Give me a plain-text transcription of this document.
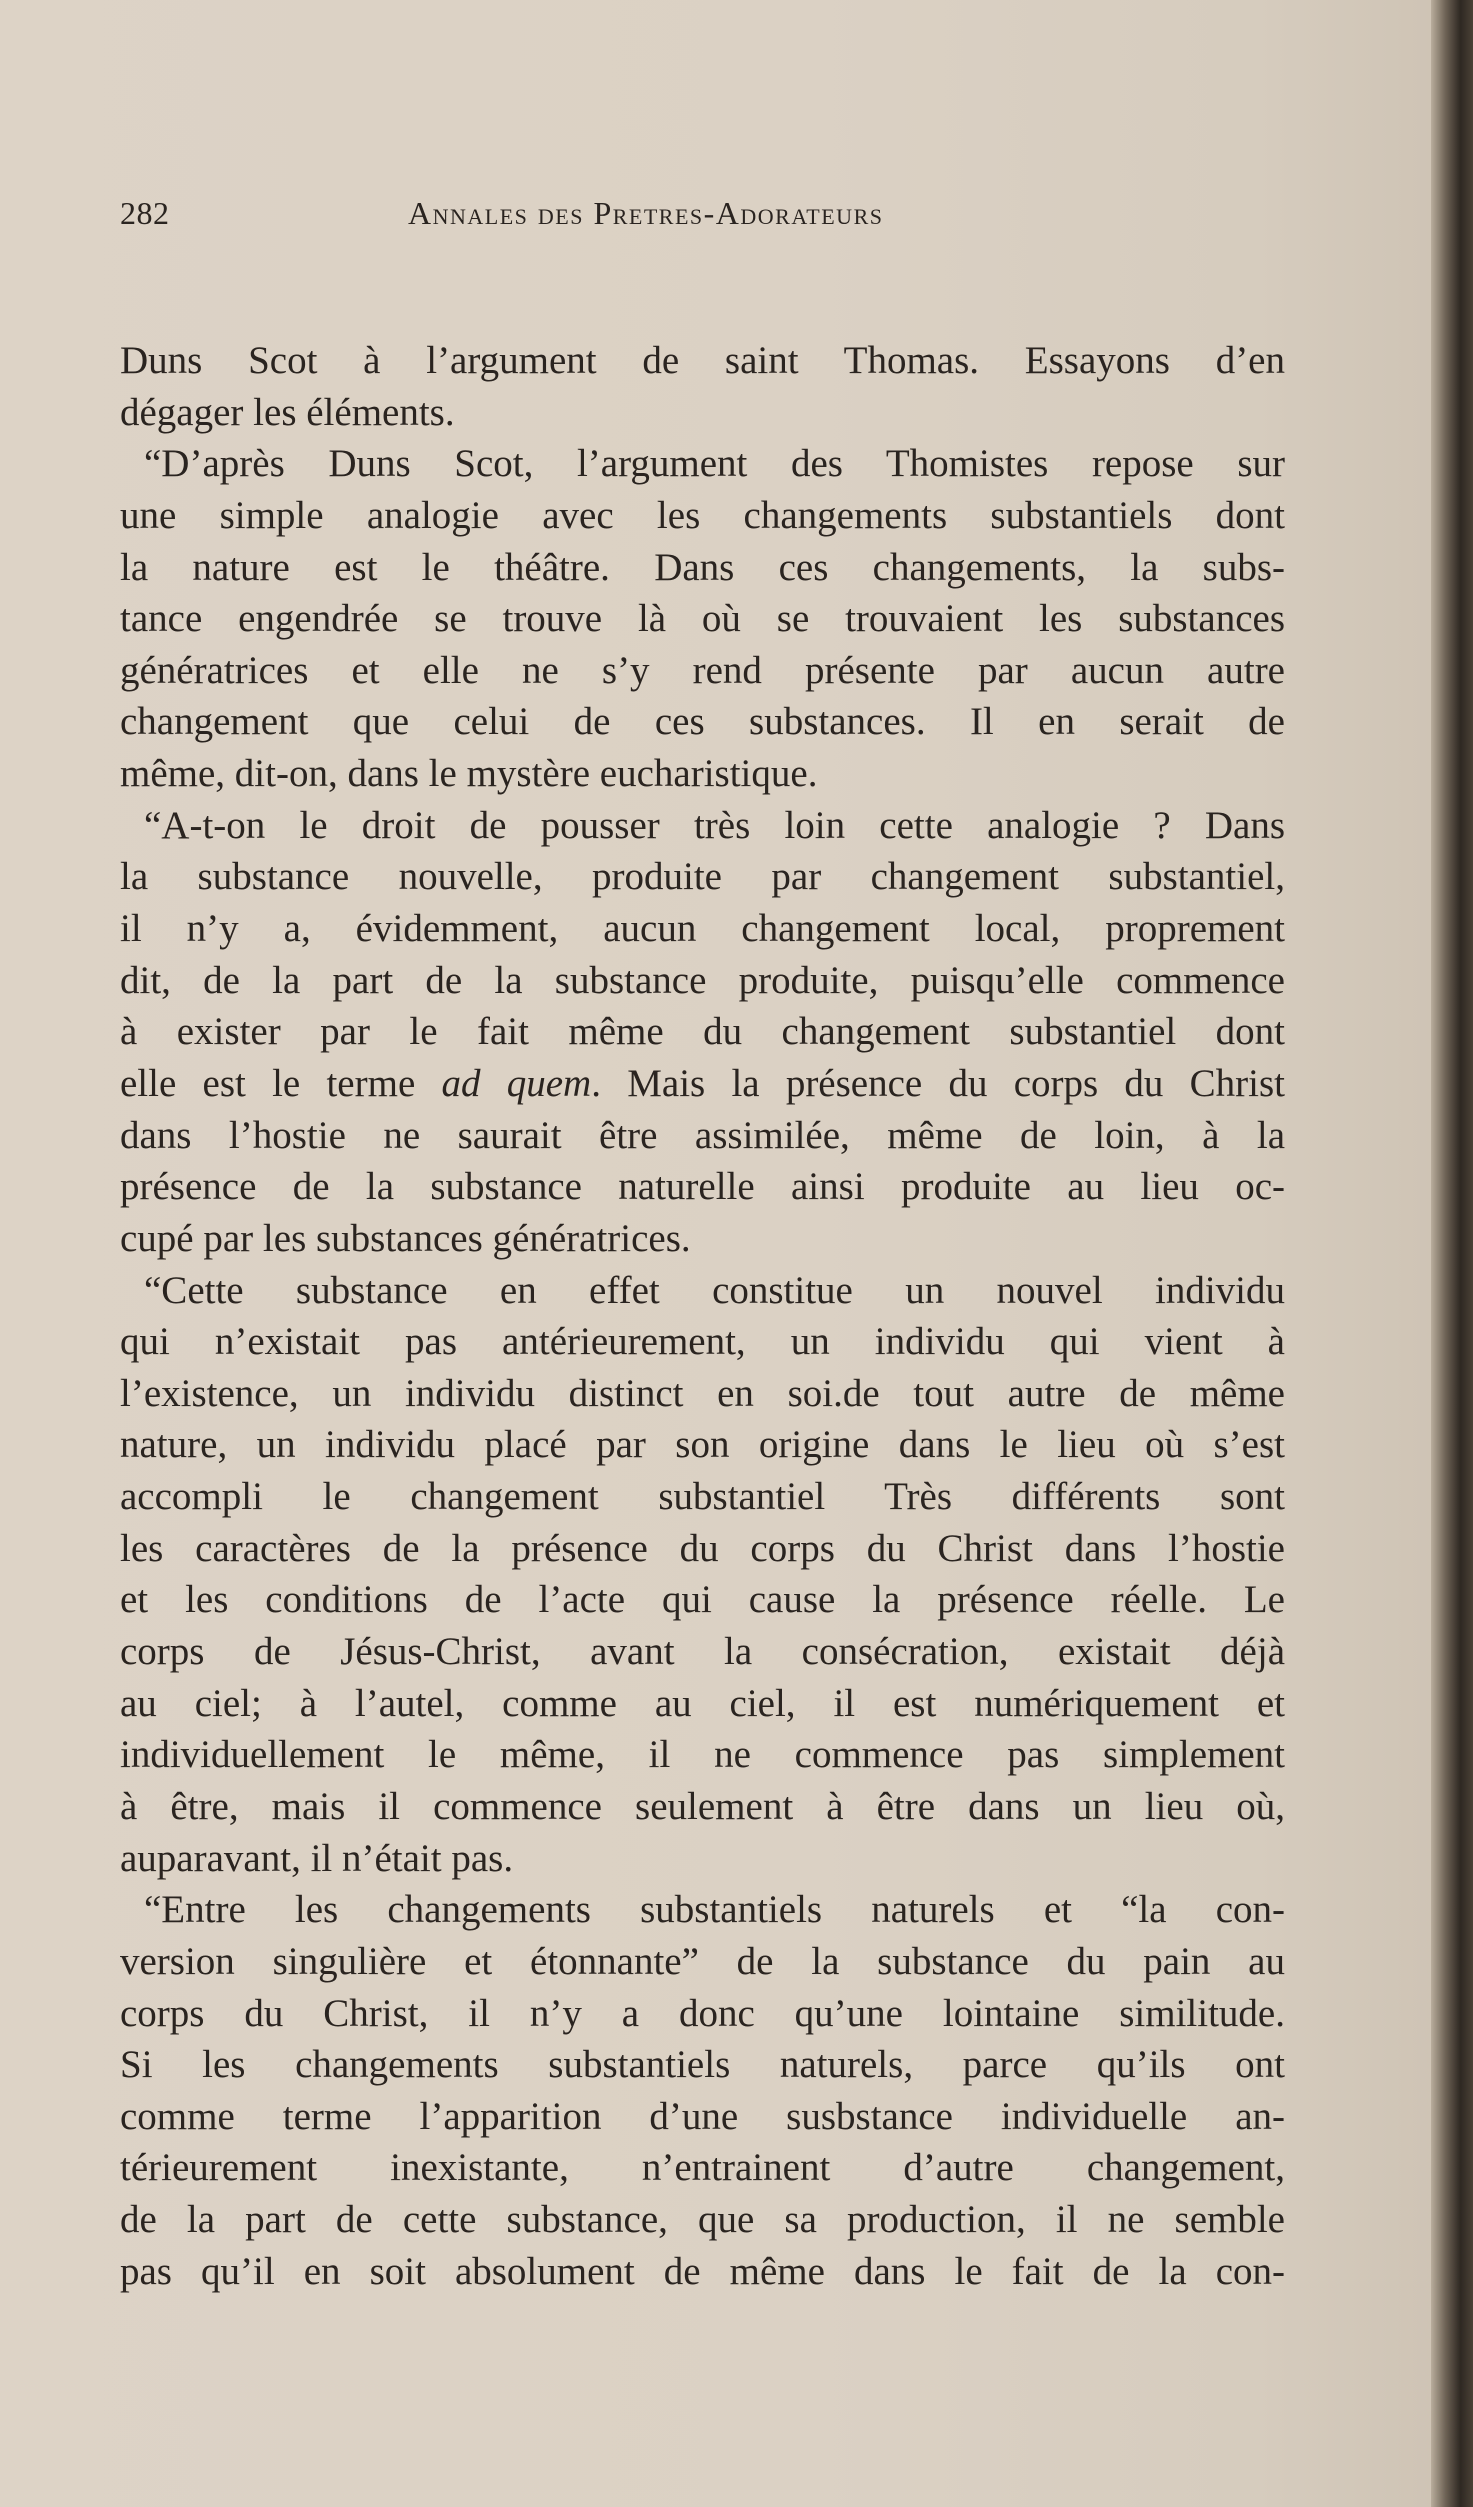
282	Annales des Pretres-Adorateurs
Duns Scot à l’argument de saint Thomas. Essayons d’en
dégager les éléments.
“D’après Duns Scot, l’argument des Thomistes repose sur
une simple analogie avec les changements substantiels dont
la nature est le théâtre. Dans ces changements, la subs-
tance engendrée se trouve là où se trouvaient les substances
génératrices et elle ne s’y rend présente par aucun autre
changement que celui de ces substances. Il en serait de
même, dit-on, dans le mystère eucharistique.
“A-t-on le droit de pousser très loin cette analogie ? Dans
la substance nouvelle, produite par changement substantiel,
il n’y a, évidemment, aucun changement local, proprement
dit, de la part de la substance produite, puisqu’elle commence
à exister par le fait même du changement substantiel dont
elle est le terme ad quem. Mais la présence du corps du Christ
dans l’hostie ne saurait être assimilée, même de loin, à la
présence de la substance naturelle ainsi produite au lieu oc-
cupé par les substances génératrices.
“Cette substance en effet constitue un nouvel individu
qui n’existait pas antérieurement, un individu qui vient à
l’existence, un individu distinct en soi.de tout autre de même
nature, un individu placé par son origine dans le lieu où s’est
accompli le changement substantiel Très différents sont
les caractères de la présence du corps du Christ dans l’hostie
et les conditions de l’acte qui cause la présence réelle. Le
corps de Jésus-Christ, avant la consécration, existait déjà
au ciel; à l’autel, comme au ciel, il est numériquement et
individuellement le même, il ne commence pas simplement
à être, mais il commence seulement à être dans un lieu où,
auparavant, il n’était pas.
“Entre les changements substantiels naturels et “la con-
version singulière et étonnante” de la substance du pain au
corps du Christ, il n’y a donc qu’une lointaine similitude.
Si les changements substantiels naturels, parce qu’ils ont
comme terme l’apparition d’une susbstance individuelle an-
térieurement inexistante, n’entrainent d’autre changement,
de la part de cette substance, que sa production, il ne semble
pas qu’il en soit absolument de même dans le fait de la con-
